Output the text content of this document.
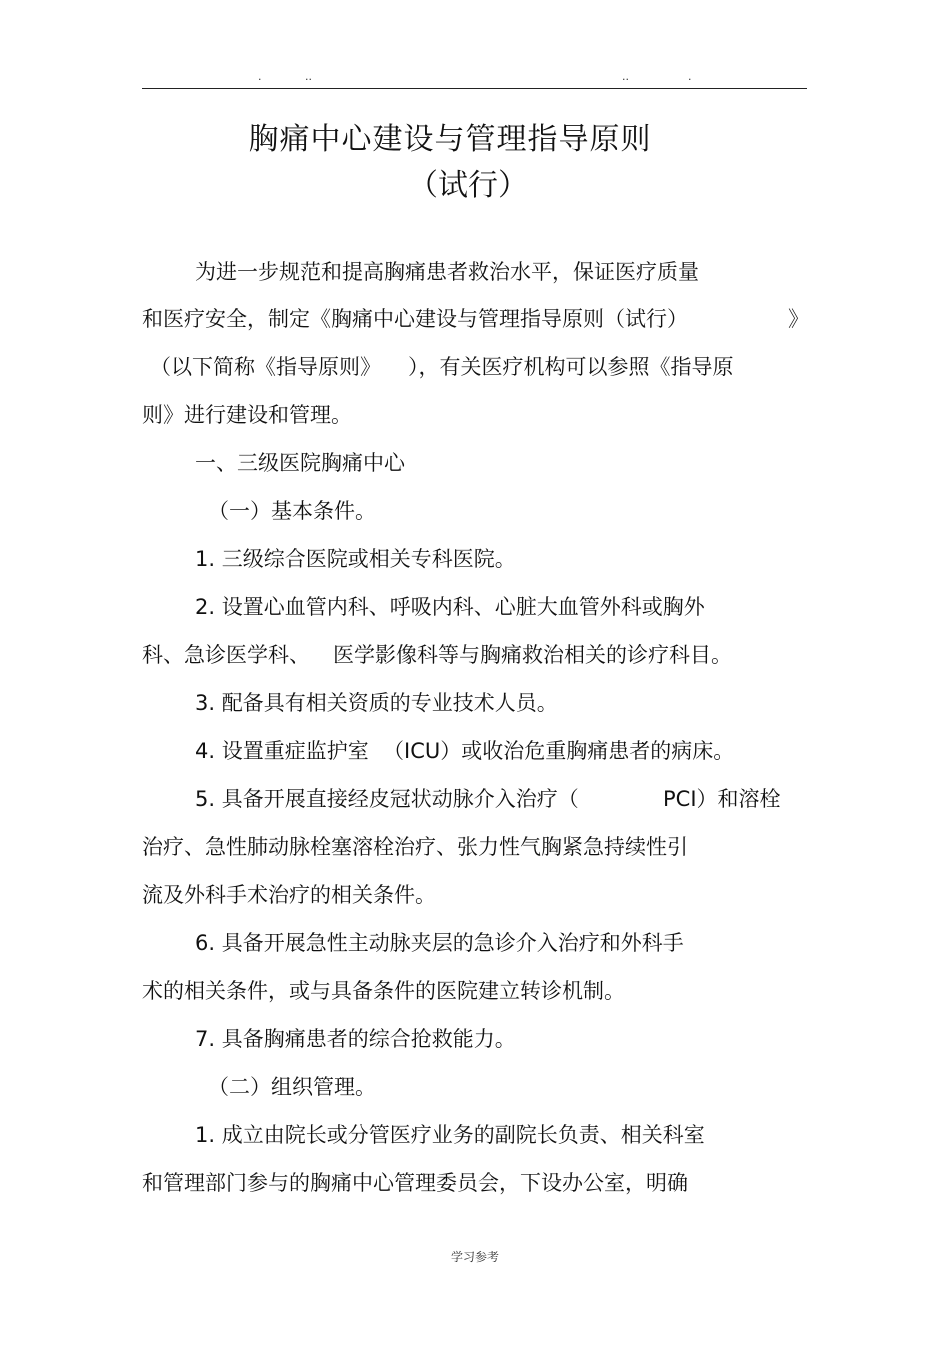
.	..	..	.
胸痛中心建设与管理指导原则
（试行）
为进一步规范和提高胸痛患者救治水平，保证医疗质量
和医疗安全，制定《胸痛中心建设与管理指导原则（试行）	》
（以下简称《指导原则》 ），有关医疗机构可以参照《指导原
则》进行建设和管理。
一、三级医院胸痛中心
（一）基本条件。
1. 三级综合医院或相关专科医院。
2. 设置心血管内科、呼吸内科、心脏大血管外科或胸外
科、急诊医学科、 医学影像科等与胸痛救治相关的诊疗科目。
3. 配备具有相关资质的专业技术人员。
4. 设置重症监护室 （ICU）或收治危重胸痛患者的病床。
5. 具备开展直接经皮冠状动脉介入治疗（	PCI）和溶栓
治疗、急性肺动脉栓塞溶栓治疗、张力性气胸紧急持续性引
流及外科手术治疗的相关条件。
6. 具备开展急性主动脉夹层的急诊介入治疗和外科手
术的相关条件，或与具备条件的医院建立转诊机制。
7. 具备胸痛患者的综合抢救能力。
（二）组织管理。
1. 成立由院长或分管医疗业务的副院长负责、相关科室
和管理部门参与的胸痛中心管理委员会，下设办公室，明确
学习参考
